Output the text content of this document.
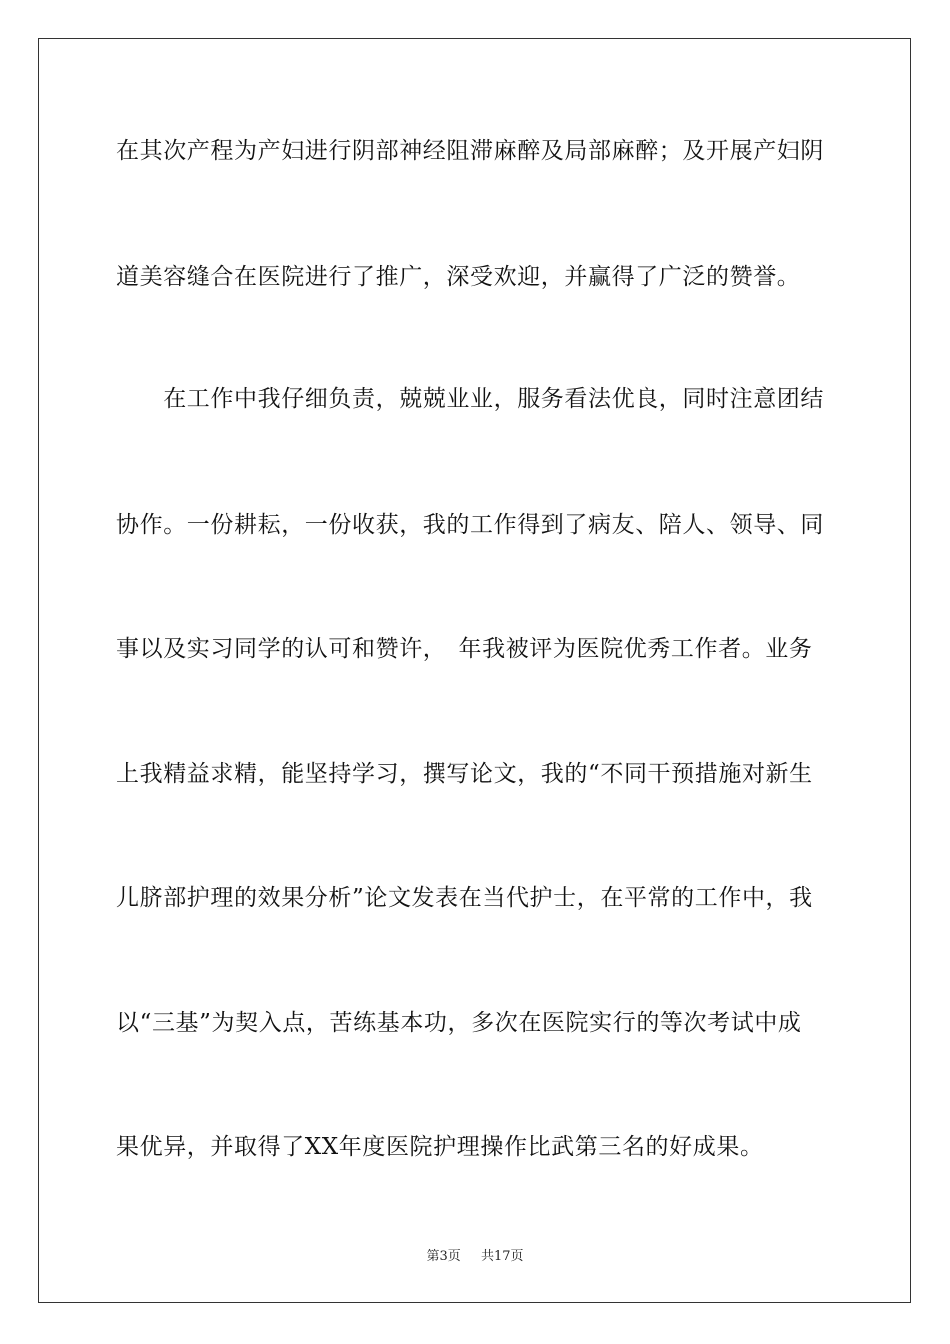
在其次产程为产妇进行阴部神经阻滞麻醉及局部麻醉；及开展产妇阴
道美容缝合在医院进行了推广，深受欢迎，并赢得了广泛的赞誉。
　　在工作中我仔细负责，兢兢业业，服务看法优良，同时注意团结
协作。一份耕耘，一份收获，我的工作得到了病友、陪人、领导、同
事以及实习同学的认可和赞许，　年我被评为医院优秀工作者。业务
上我精益求精，能坚持学习，撰写论文，我的“不同干预措施对新生
儿脐部护理的效果分析”论文发表在当代护士，在平常的工作中，我
以“三基”为契入点，苦练基本功，多次在医院实行的等次考试中成
果优异，并取得了XX年度医院护理操作比武第三名的好成果。
第3页 共17页
